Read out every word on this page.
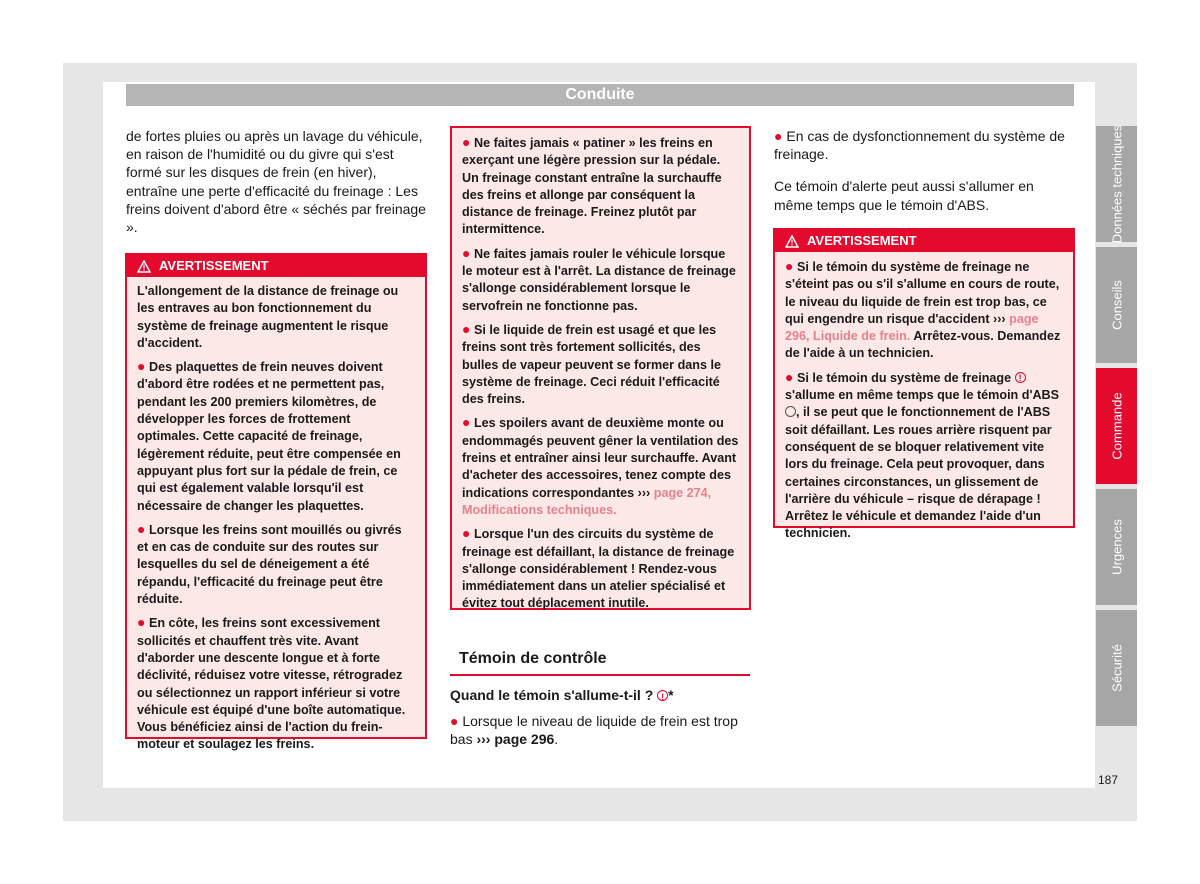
Conduite

de fortes pluies ou après un lavage du véhicule, en raison de l'humidité ou du givre qui s'est formé sur les disques de frein (en hiver), entraîne une perte d'efficacité du freinage : Les freins doivent d'abord être « séchés par freinage ».

AVERTISSEMENT

L'allongement de la distance de freinage ou les entraves au bon fonctionnement du système de freinage augmentent le risque d'accident.

● Des plaquettes de frein neuves doivent d'abord être rodées et ne permettent pas, pendant les 200 premiers kilomètres, de développer les forces de frottement optimales. Cette capacité de freinage, légèrement réduite, peut être compensée en appuyant plus fort sur la pédale de frein, ce qui est également valable lorsqu'il est nécessaire de changer les plaquettes.

● Lorsque les freins sont mouillés ou givrés et en cas de conduite sur des routes sur lesquelles du sel de déneigement a été répandu, l'efficacité du freinage peut être réduite.

● En côte, les freins sont excessivement sollicités et chauffent très vite. Avant d'aborder une descente longue et à forte déclivité, réduisez votre vitesse, rétrogradez ou sélectionnez un rapport inférieur si votre véhicule est équipé d'une boîte automatique. Vous bénéficiez ainsi de l'action du frein-moteur et soulagez les freins.

● Ne faites jamais « patiner » les freins en exerçant une légère pression sur la pédale. Un freinage constant entraîne la surchauffe des freins et allonge par conséquent la distance de freinage. Freinez plutôt par intermittence.

● Ne faites jamais rouler le véhicule lorsque le moteur est à l'arrêt. La distance de freinage s'allonge considérablement lorsque le servofrein ne fonctionne pas.

● Si le liquide de frein est usagé et que les freins sont très fortement sollicités, des bulles de vapeur peuvent se former dans le système de freinage. Ceci réduit l'efficacité des freins.

● Les spoilers avant de deuxième monte ou endommagés peuvent gêner la ventilation des freins et entraîner ainsi leur surchauffe. Avant d'acheter des accessoires, tenez compte des indications correspondantes ››› page 274, Modifications techniques.

● Lorsque l'un des circuits du système de freinage est défaillant, la distance de freinage s'allonge considérablement ! Rendez-vous immédiatement dans un atelier spécialisé et évitez tout déplacement inutile.

Témoin de contrôle

Quand le témoin s'allume-t-il ? ! *

● Lorsque le niveau de liquide de frein est trop bas ››› page 296.

● En cas de dysfonctionnement du système de freinage.

Ce témoin d'alerte peut aussi s'allumer en même temps que le témoin d'ABS.

AVERTISSEMENT

● Si le témoin du système de freinage ne s'éteint pas ou s'il s'allume en cours de route, le niveau du liquide de frein est trop bas, ce qui engendre un risque d'accident ››› page 296, Liquide de frein. Arrêtez-vous. Demandez de l'aide à un technicien.

● Si le témoin du système de freinage ! s'allume en même temps que le témoin d'ABS , il se peut que le fonctionnement de l'ABS soit défaillant. Les roues arrière risquent par conséquent de se bloquer relativement vite lors du freinage. Cela peut provoquer, dans certaines circonstances, un glissement de l'arrière du véhicule – risque de dérapage ! Arrêtez le véhicule et demandez l'aide d'un technicien.

Données techniques
Conseils
Commande
Urgences
Sécurité
187
